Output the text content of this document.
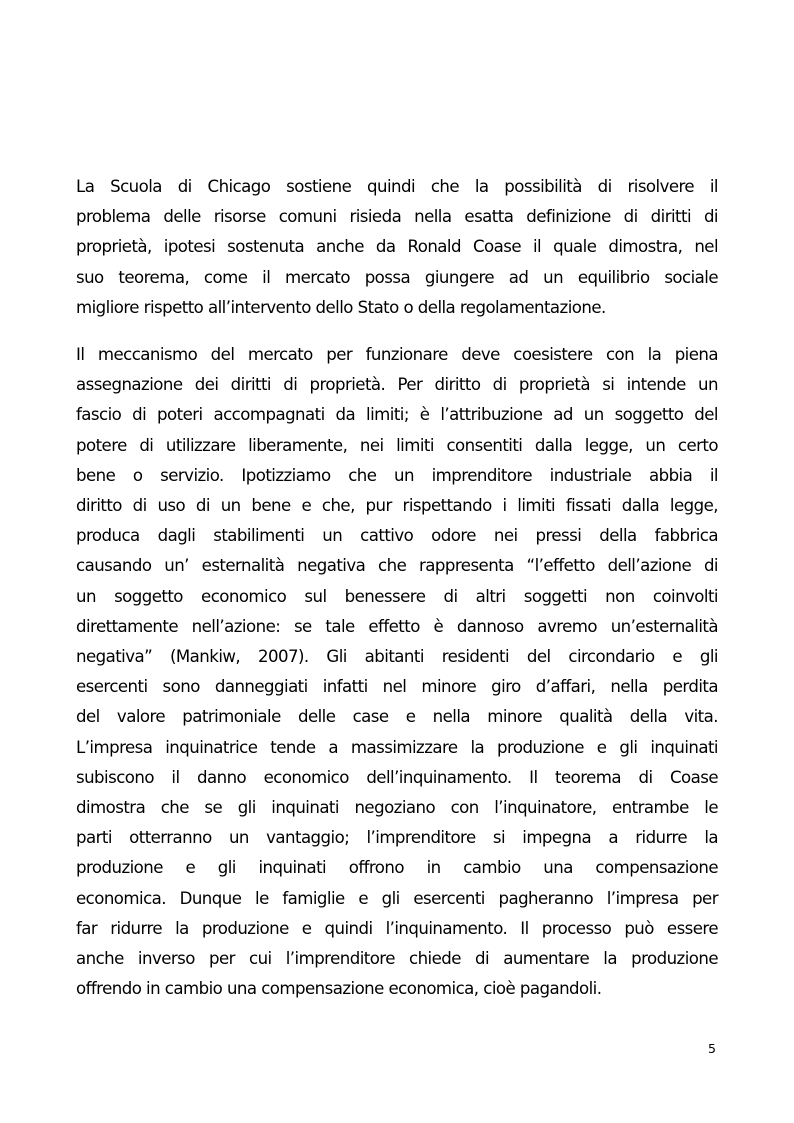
La Scuola di Chicago sostiene quindi che la possibilità di risolvere il
problema delle risorse comuni risieda nella esatta definizione di diritti di
proprietà, ipotesi sostenuta anche da Ronald Coase il quale dimostra, nel
suo teorema, come il mercato possa giungere ad un equilibrio sociale
migliore rispetto all’intervento dello Stato o della regolamentazione.

Il meccanismo del mercato per funzionare deve coesistere con la piena
assegnazione dei diritti di proprietà. Per diritto di proprietà si intende un
fascio di poteri accompagnati da limiti; è l’attribuzione ad un soggetto del
potere di utilizzare liberamente, nei limiti consentiti dalla legge, un certo
bene o servizio. Ipotizziamo che un imprenditore industriale abbia il
diritto di uso di un bene e che, pur rispettando i limiti fissati dalla legge,
produca dagli stabilimenti un cattivo odore nei pressi della fabbrica
causando un’ esternalità negativa che rappresenta “l’effetto dell’azione di
un soggetto economico sul benessere di altri soggetti non coinvolti
direttamente nell’azione: se tale effetto è dannoso avremo un’esternalità
negativa” (Mankiw, 2007). Gli abitanti residenti del circondario e gli
esercenti sono danneggiati infatti nel minore giro d’affari, nella perdita
del valore patrimoniale delle case e nella minore qualità della vita.
L’impresa inquinatrice tende a massimizzare la produzione e gli inquinati
subiscono il danno economico dell’inquinamento. Il teorema di Coase
dimostra che se gli inquinati negoziano con l’inquinatore, entrambe le
parti otterranno un vantaggio; l’imprenditore si impegna a ridurre la
produzione e gli inquinati offrono in cambio una compensazione
economica. Dunque le famiglie e gli esercenti pagheranno l’impresa per
far ridurre la produzione e quindi l’inquinamento. Il processo può essere
anche inverso per cui l’imprenditore chiede di aumentare la produzione
offrendo in cambio una compensazione economica, cioè pagandoli.

5
